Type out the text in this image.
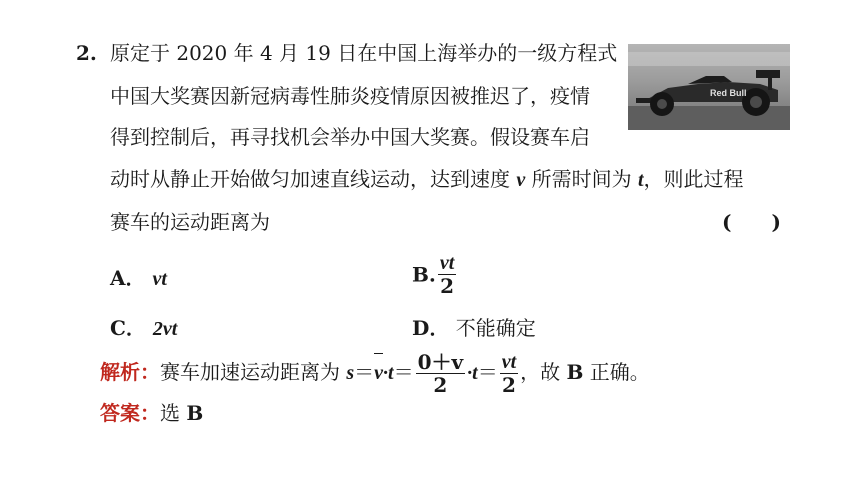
2. 原定于 2020 年 4 月 19 日在中国上海举办的一级方程式
中国大奖赛因新冠病毒性肺炎疫情原因被推迟了，疫情
得到控制后，再寻找机会举办中国大奖赛。假设赛车启
动时从静止开始做匀加速直线运动，达到速度 v 所需时间为 t，则此过程
赛车的运动距离为	(　　)
Red Bull
A． vt	B. $\frac{vt}{2}$
C． 2vt	D． 不能确定
解析：赛车加速运动距离为 $s=v\cdot t= \frac{0+v}{2} \cdot t= \frac{vt}{2}$ ，故 B 正确。
答案：选 B
